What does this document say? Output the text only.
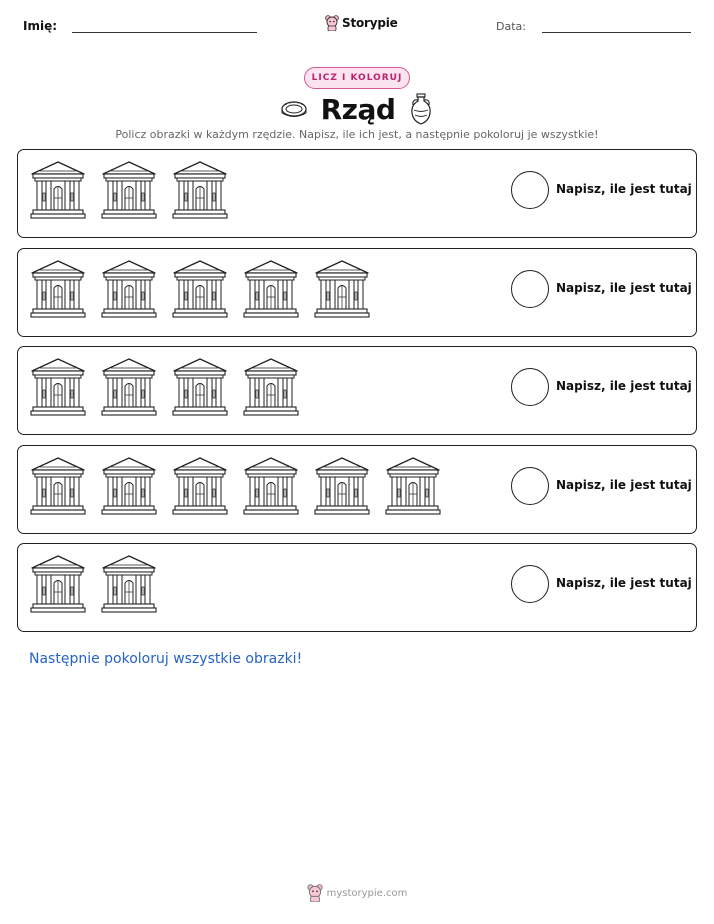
Imię:	Storypie	Data:
LICZ I KOLORUJ
Rząd
Policz obrazki w każdym rzędzie. Napisz, ile ich jest, a następnie pokoloruj je wszystkie!
Napisz, ile jest tutaj
Napisz, ile jest tutaj
Napisz, ile jest tutaj
Napisz, ile jest tutaj
Napisz, ile jest tutaj
Następnie pokoloruj wszystkie obrazki!
mystorypie.com
